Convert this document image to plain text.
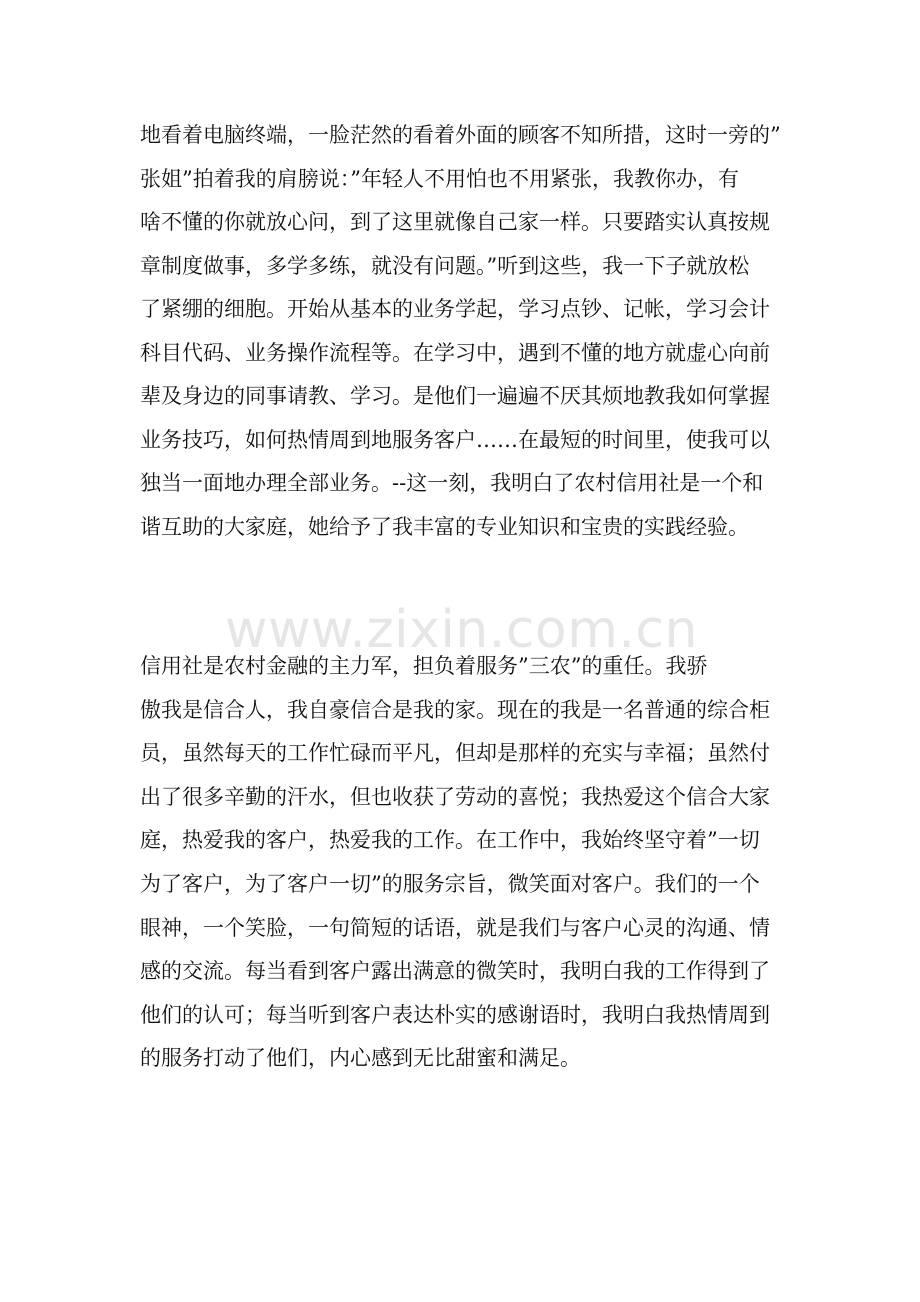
地看着电脑终端，一脸茫然的看着外面的顾客不知所措，这时一旁的”
张姐”拍着我的肩膀说：”年轻人不用怕也不用紧张，我教你办，有
啥不懂的你就放心问，到了这里就像自己家一样。只要踏实认真按规
章制度做事，多学多练，就没有问题。”听到这些，我一下子就放松
了紧绷的细胞。开始从基本的业务学起，学习点钞、记帐，学习会计
科目代码、业务操作流程等。在学习中，遇到不懂的地方就虚心向前
辈及身边的同事请教、学习。是他们一遍遍不厌其烦地教我如何掌握
业务技巧，如何热情周到地服务客户……在最短的时间里，使我可以
独当一面地办理全部业务。--这一刻，我明白了农村信用社是一个和
谐互助的大家庭，她给予了我丰富的专业知识和宝贵的实践经验。

www.zixin.com.cn

信用社是农村金融的主力军，担负着服务”三农”的重任。我骄
傲我是信合人，我自豪信合是我的家。现在的我是一名普通的综合柜
员，虽然每天的工作忙碌而平凡，但却是那样的充实与幸福；虽然付
出了很多辛勤的汗水，但也收获了劳动的喜悦；我热爱这个信合大家
庭，热爱我的客户，热爱我的工作。在工作中，我始终坚守着”一切
为了客户，为了客户一切”的服务宗旨，微笑面对客户。我们的一个
眼神，一个笑脸，一句简短的话语，就是我们与客户心灵的沟通、情
感的交流。每当看到客户露出满意的微笑时，我明白我的工作得到了
他们的认可；每当听到客户表达朴实的感谢语时，我明白我热情周到
的服务打动了他们，内心感到无比甜蜜和满足。
